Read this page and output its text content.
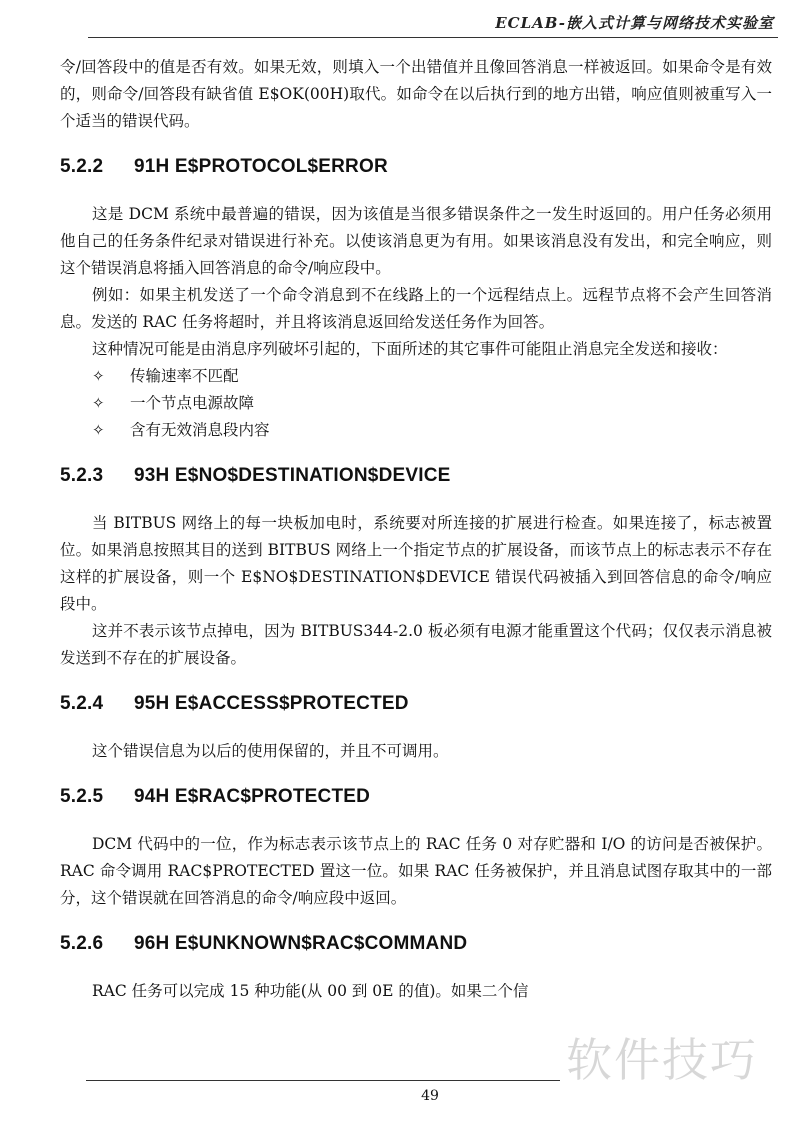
ECLAB-嵌入式计算与网络技术实验室

令/回答段中的值是否有效。如果无效，则填入一个出错值并且像回答消息一样被返回。如果命令是有效的，则命令/回答段有缺省值 E$OK(00H)取代。如命令在以后执行到的地方出错，响应值则被重写入一个适当的错误代码。

5.2.2 91H E$PROTOCOL$ERROR

这是 DCM 系统中最普遍的错误，因为该值是当很多错误条件之一发生时返回的。用户任务必须用他自己的任务条件纪录对错误进行补充。以使该消息更为有用。如果该消息没有发出，和完全响应，则这个错误消息将插入回答消息的命令/响应段中。

例如：如果主机发送了一个命令消息到不在线路上的一个远程结点上。远程节点将不会产生回答消息。发送的 RAC 任务将超时，并且将该消息返回给发送任务作为回答。

这种情况可能是由消息序列破坏引起的，下面所述的其它事件可能阻止消息完全发送和接收：

✧	传输速率不匹配
✧	一个节点电源故障
✧	含有无效消息段内容
5.2.3 93H E$NO$DESTINATION$DEVICE

当 BITBUS 网络上的每一块板加电时，系统要对所连接的扩展进行检查。如果连接了，标志被置位。如果消息按照其目的送到 BITBUS 网络上一个指定节点的扩展设备，而该节点上的标志表示不存在这样的扩展设备，则一个 E$NO$DESTINATION$DEVICE 错误代码被插入到回答信息的命令/响应段中。

这并不表示该节点掉电，因为 BITBUS344-2.0 板必须有电源才能重置这个代码；仅仅表示消息被发送到不存在的扩展设备。

5.2.4 95H E$ACCESS$PROTECTED

这个错误信息为以后的使用保留的，并且不可调用。

5.2.5 94H E$RAC$PROTECTED

DCM 代码中的一位，作为标志表示该节点上的 RAC 任务 0 对存贮器和 I/O 的访问是否被保护。RAC 命令调用 RAC$PROTECTED 置这一位。如果 RAC 任务被保护，并且消息试图存取其中的一部分，这个错误就在回答消息的命令/响应段中返回。

5.2.6 96H E$UNKNOWN$RAC$COMMAND

RAC 任务可以完成 15 种功能(从 00 到 0E 的值)。如果二个信

软件技巧
49
